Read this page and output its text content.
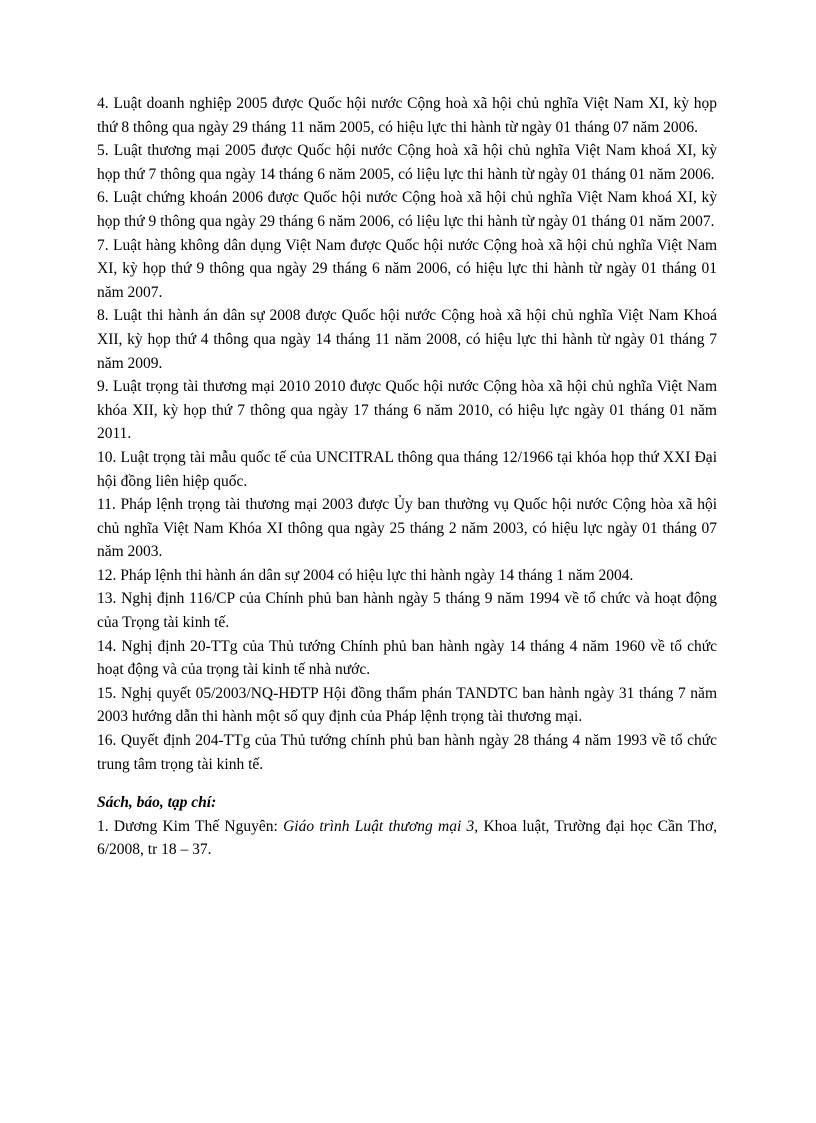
4. Luật doanh nghiệp 2005 được Quốc hội nước Cộng hoà xã hội chủ nghĩa Việt Nam XI, kỳ họp thứ 8 thông qua ngày 29 tháng 11 năm 2005, có hiệu lực thi hành từ ngày 01 tháng 07 năm 2006.

5. Luật thương mại 2005 được Quốc hội nước Cộng hoà xã hội chủ nghĩa Việt Nam khoá XI, kỳ họp thứ 7 thông qua ngày 14 tháng 6 năm 2005, có liệu lực thi hành từ ngày 01 tháng 01 năm 2006.

6. Luật chứng khoán 2006 được Quốc hội nước Cộng hoà xã hội chủ nghĩa Việt Nam khoá XI, kỳ họp thứ 9 thông qua ngày 29 tháng 6 năm 2006, có liệu lực thi hành từ ngày 01 tháng 01 năm 2007.

7. Luật hàng không dân dụng Việt Nam được Quốc hội nước Cộng hoà xã hội chủ nghĩa Việt Nam XI, kỳ họp thứ 9 thông qua ngày 29 tháng 6 năm 2006, có hiệu lực thi hành từ ngày 01 tháng 01 năm 2007.

8. Luật thi hành án dân sự 2008 được Quốc hội nước Cộng hoà xã hội chủ nghĩa Việt Nam Khoá XII, kỳ họp thứ 4 thông qua ngày 14 tháng 11 năm 2008, có hiệu lực thi hành từ ngày 01 tháng 7 năm 2009.

9. Luật trọng tài thương mại 2010 2010 được Quốc hội nước Cộng hòa xã hội chủ nghĩa Việt Nam khóa XII, kỳ họp thứ 7 thông qua ngày 17 tháng 6 năm 2010, có hiệu lực ngày 01 tháng 01 năm 2011.

10. Luật trọng tài mẫu quốc tế của UNCITRAL thông qua tháng 12/1966 tại khóa họp thứ XXI Đại hội đồng liên hiệp quốc.

11. Pháp lệnh trọng tài thương mại 2003 được Ủy ban thường vụ Quốc hội nước Cộng hòa xã hội chủ nghĩa Việt Nam Khóa XI thông qua ngày 25 tháng 2 năm 2003, có hiệu lực ngày 01 tháng 07 năm 2003.

12. Pháp lệnh thi hành án dân sự 2004 có hiệu lực thi hành ngày 14 tháng 1 năm 2004.

13. Nghị định 116/CP của Chính phủ ban hành ngày 5 tháng 9 năm 1994 về tổ chức và hoạt động của Trọng tài kinh tế.

14. Nghị định 20-TTg của Thủ tướng Chính phủ ban hành ngày 14 tháng 4 năm 1960 về tổ chức hoạt động và của trọng tài kinh tế nhà nước.

15. Nghị quyết 05/2003/NQ-HĐTP Hội đồng thẩm phán TANDTC ban hành ngày 31 tháng 7 năm 2003 hướng dẫn thi hành một số quy định của Pháp lệnh trọng tài thương mại.

16. Quyết định 204-TTg của Thủ tướng chính phủ ban hành ngày 28 tháng 4 năm 1993 về tổ chức trung tâm trọng tài kinh tế.

Sách, báo, tạp chí:

1. Dương Kim Thế Nguyên: Giáo trình Luật thương mại 3, Khoa luật, Trường đại học Cần Thơ, 6/2008, tr 18 – 37.
